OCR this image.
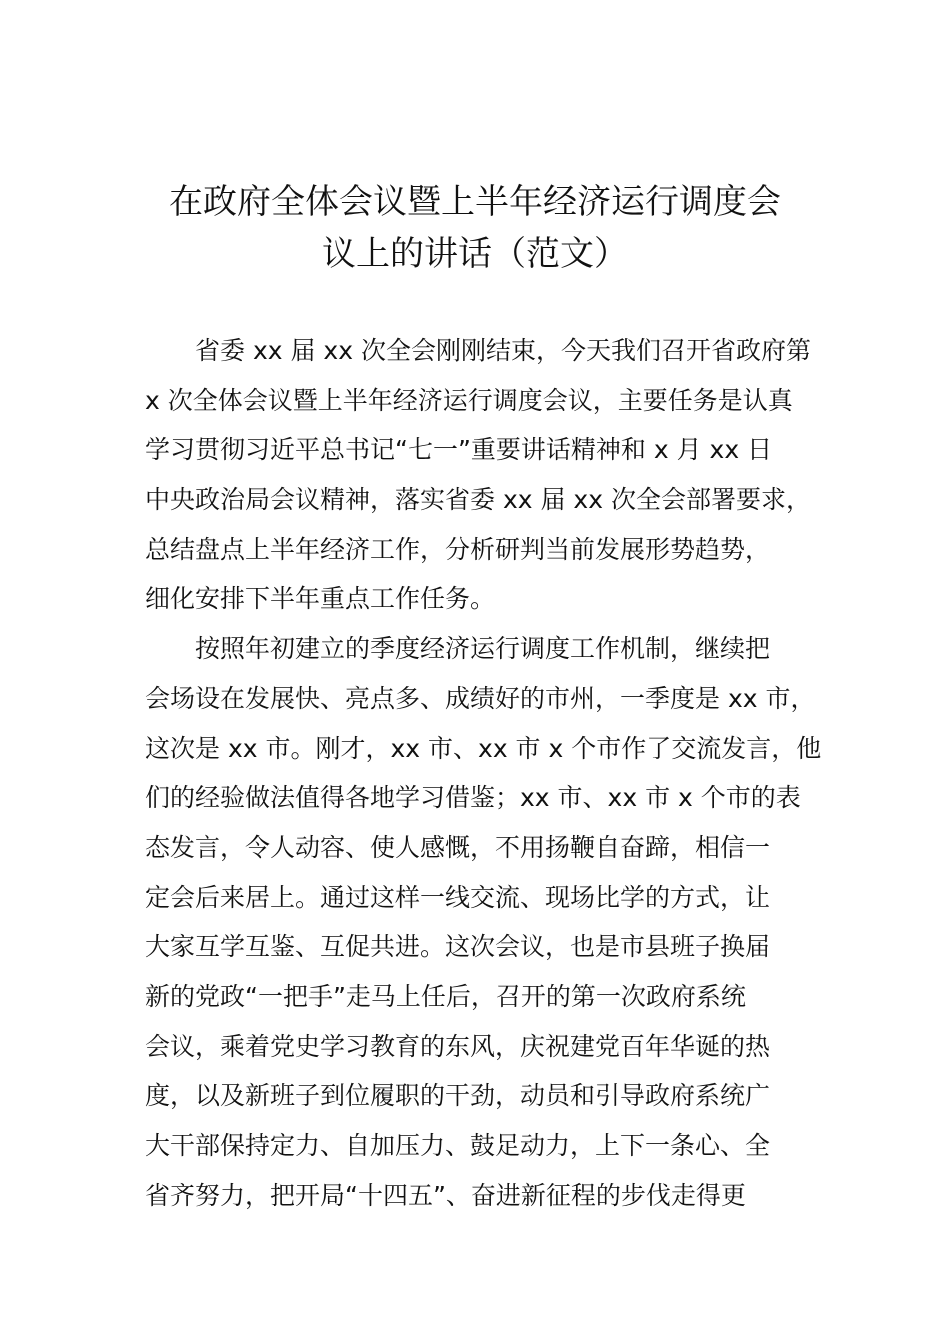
在政府全体会议暨上半年经济运行调度会
议上的讲话（范文）
省委 xx 届 xx 次全会刚刚结束，今天我们召开省政府第
x 次全体会议暨上半年经济运行调度会议，主要任务是认真
学习贯彻习近平总书记“七一”重要讲话精神和 x 月 xx 日
中央政治局会议精神，落实省委 xx 届 xx 次全会部署要求，
总结盘点上半年经济工作，分析研判当前发展形势趋势，
细化安排下半年重点工作任务。
按照年初建立的季度经济运行调度工作机制，继续把
会场设在发展快、亮点多、成绩好的市州，一季度是 xx 市，
这次是 xx 市。刚才，xx 市、xx 市 x 个市作了交流发言，他
们的经验做法值得各地学习借鉴；xx 市、xx 市 x 个市的表
态发言，令人动容、使人感慨，不用扬鞭自奋蹄，相信一
定会后来居上。通过这样一线交流、现场比学的方式，让
大家互学互鉴、互促共进。这次会议，也是市县班子换届
新的党政“一把手”走马上任后，召开的第一次政府系统
会议，乘着党史学习教育的东风，庆祝建党百年华诞的热
度，以及新班子到位履职的干劲，动员和引导政府系统广
大干部保持定力、自加压力、鼓足动力，上下一条心、全
省齐努力，把开局“十四五”、奋进新征程的步伐走得更
